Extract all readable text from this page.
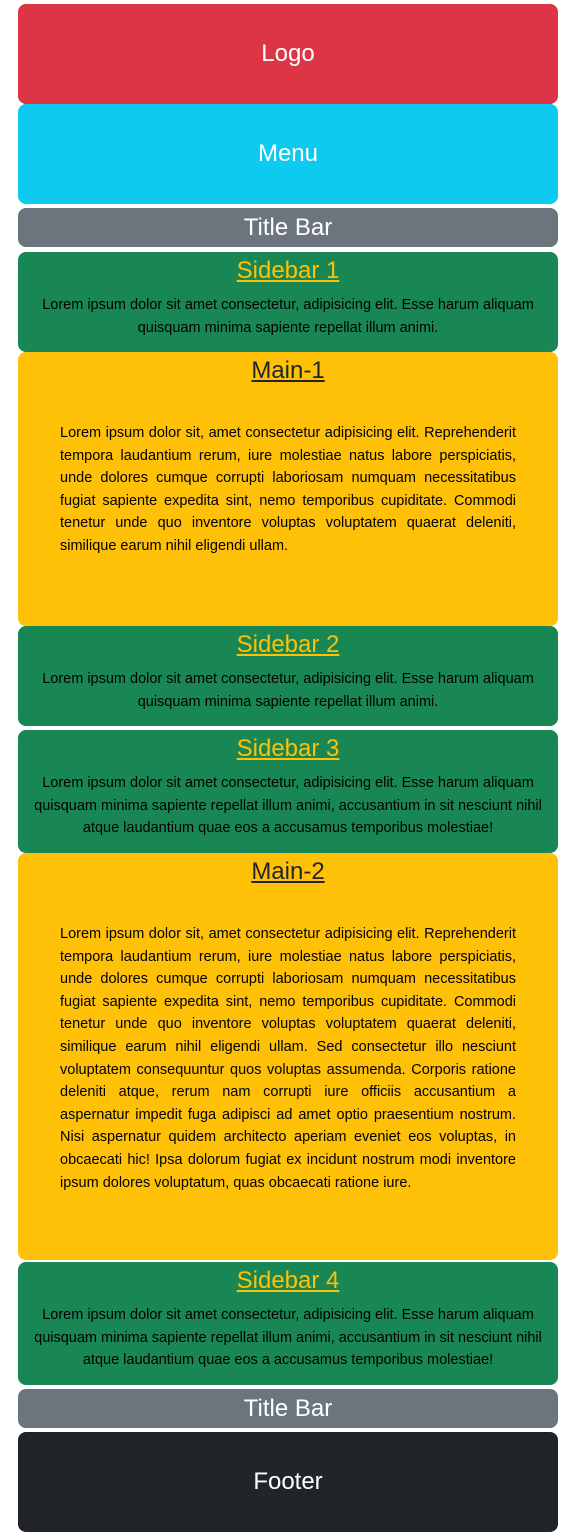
Logo
Menu
Title Bar
Sidebar 1

Lorem ipsum dolor sit amet consectetur, adipisicing elit. Esse harum aliquam quisquam minima sapiente repellat illum animi.

Main-1

Lorem ipsum dolor sit, amet consectetur adipisicing elit. Reprehenderit tempora laudantium rerum, iure molestiae natus labore perspiciatis, unde dolores cumque corrupti laboriosam numquam necessitatibus fugiat sapiente expedita sint, nemo temporibus cupiditate. Commodi tenetur unde quo inventore voluptas voluptatem quaerat deleniti, similique earum nihil eligendi ullam.

Sidebar 2

Lorem ipsum dolor sit amet consectetur, adipisicing elit. Esse harum aliquam quisquam minima sapiente repellat illum animi.

Sidebar 3

Lorem ipsum dolor sit amet consectetur, adipisicing elit. Esse harum aliquam quisquam minima sapiente repellat illum animi, accusantium in sit nesciunt nihil atque laudantium quae eos a accusamus temporibus molestiae!

Main-2

Lorem ipsum dolor sit, amet consectetur adipisicing elit. Reprehenderit tempora laudantium rerum, iure molestiae natus labore perspiciatis, unde dolores cumque corrupti laboriosam numquam necessitatibus fugiat sapiente expedita sint, nemo temporibus cupiditate. Commodi tenetur unde quo inventore voluptas voluptatem quaerat deleniti, similique earum nihil eligendi ullam. Sed consectetur illo nesciunt voluptatem consequuntur quos voluptas assumenda. Corporis ratione deleniti atque, rerum nam corrupti iure officiis accusantium a aspernatur impedit fuga adipisci ad amet optio praesentium nostrum. Nisi aspernatur quidem architecto aperiam eveniet eos voluptas, in obcaecati hic! Ipsa dolorum fugiat ex incidunt nostrum modi inventore ipsum dolores voluptatum, quas obcaecati ratione iure.

Sidebar 4

Lorem ipsum dolor sit amet consectetur, adipisicing elit. Esse harum aliquam quisquam minima sapiente repellat illum animi, accusantium in sit nesciunt nihil atque laudantium quae eos a accusamus temporibus molestiae!

Title Bar
Footer
